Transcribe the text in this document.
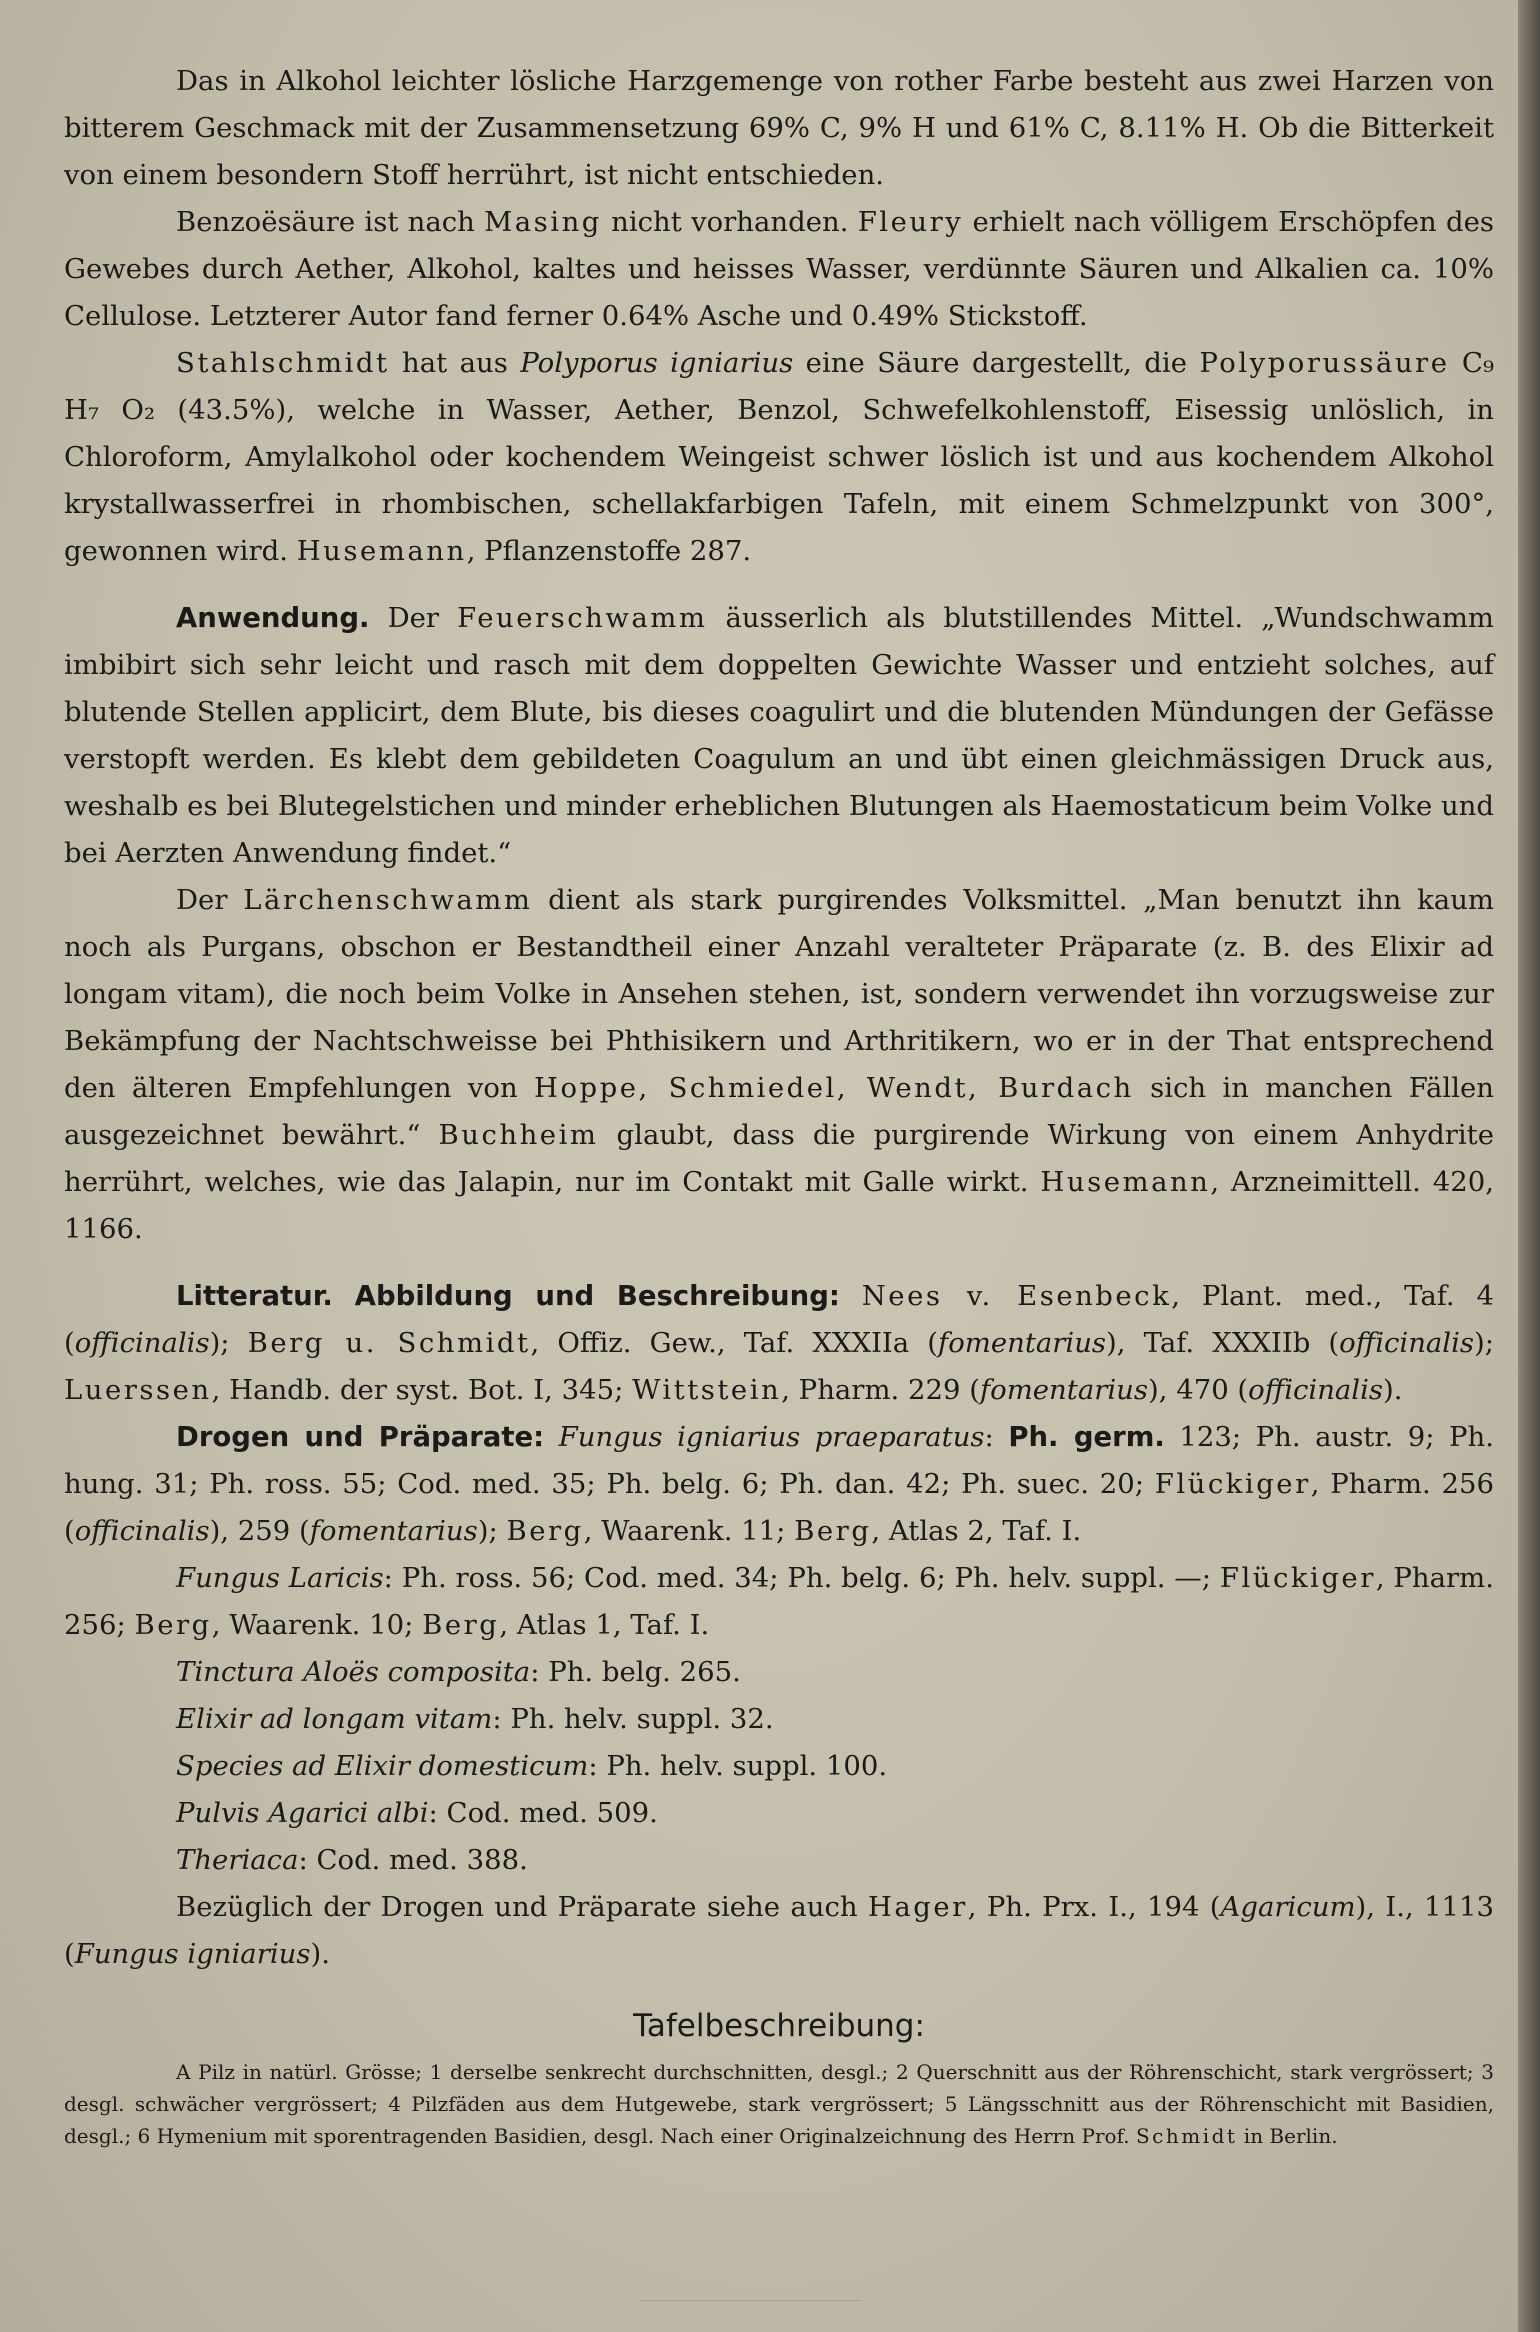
Das in Alkohol leichter lösliche Harzgemenge von rother Farbe besteht aus zwei Harzen von bitterem Geschmack mit der Zusammensetzung 69% C, 9% H und 61% C, 8.11% H. Ob die Bitterkeit von einem besondern Stoff herrührt, ist nicht entschieden.

Benzoësäure ist nach Masing nicht vorhanden. Fleury erhielt nach völligem Erschöpfen des Gewebes durch Aether, Alkohol, kaltes und heisses Wasser, verdünnte Säuren und Alkalien ca. 10% Cellulose. Letzterer Autor fand ferner 0.64% Asche und 0.49% Stickstoff.

Stahlschmidt hat aus Polyporus igniarius eine Säure dargestellt, die Polyporussäure C₉ H₇ O₂ (43.5%), welche in Wasser, Aether, Benzol, Schwefelkohlenstoff, Eisessig unlöslich, in Chloroform, Amylalkohol oder kochendem Weingeist schwer löslich ist und aus kochendem Alkohol krystallwasserfrei in rhombischen, schellakfarbigen Tafeln, mit einem Schmelzpunkt von 300°, gewonnen wird. Husemann, Pflanzenstoffe 287.

Anwendung. Der Feuerschwamm äusserlich als blutstillendes Mittel. „Wundschwamm imbibirt sich sehr leicht und rasch mit dem doppelten Gewichte Wasser und entzieht solches, auf blutende Stellen applicirt, dem Blute, bis dieses coagulirt und die blutenden Mündungen der Gefässe verstopft werden. Es klebt dem gebildeten Coagulum an und übt einen gleichmässigen Druck aus, weshalb es bei Blutegelstichen und minder erheblichen Blutungen als Haemostaticum beim Volke und bei Aerzten Anwendung findet.“

Der Lärchenschwamm dient als stark purgirendes Volksmittel. „Man benutzt ihn kaum noch als Purgans, obschon er Bestandtheil einer Anzahl veralteter Präparate (z. B. des Elixir ad longam vitam), die noch beim Volke in Ansehen stehen, ist, sondern verwendet ihn vorzugsweise zur Bekämpfung der Nachtschweisse bei Phthisikern und Arthritikern, wo er in der That entsprechend den älteren Empfehlungen von Hoppe, Schmiedel, Wendt, Burdach sich in manchen Fällen ausgezeichnet bewährt.“ Buchheim glaubt, dass die purgirende Wirkung von einem Anhydrite herrührt, welches, wie das Jalapin, nur im Contakt mit Galle wirkt. Husemann, Arzneimittell. 420, 1166.

Litteratur. Abbildung und Beschreibung: Nees v. Esenbeck, Plant. med., Taf. 4 (officinalis); Berg u. Schmidt, Offiz. Gew., Taf. XXXIIa (fomentarius), Taf. XXXIIb (officinalis); Luerssen, Handb. der syst. Bot. I, 345; Wittstein, Pharm. 229 (fomentarius), 470 (officinalis).

Drogen und Präparate: Fungus igniarius praeparatus: Ph. germ. 123; Ph. austr. 9; Ph. hung. 31; Ph. ross. 55; Cod. med. 35; Ph. belg. 6; Ph. dan. 42; Ph. suec. 20; Flückiger, Pharm. 256 (officinalis), 259 (fomentarius); Berg, Waarenk. 11; Berg, Atlas 2, Taf. I.

Fungus Laricis: Ph. ross. 56; Cod. med. 34; Ph. belg. 6; Ph. helv. suppl. —; Flückiger, Pharm. 256; Berg, Waarenk. 10; Berg, Atlas 1, Taf. I.

Tinctura Aloës composita: Ph. belg. 265.

Elixir ad longam vitam: Ph. helv. suppl. 32.

Species ad Elixir domesticum: Ph. helv. suppl. 100.

Pulvis Agarici albi: Cod. med. 509.

Theriaca: Cod. med. 388.

Bezüglich der Drogen und Präparate siehe auch Hager, Ph. Prx. I., 194 (Agaricum), I., 1113 (Fungus igniarius).

Tafelbeschreibung:

A Pilz in natürl. Grösse; 1 derselbe senkrecht durchschnitten, desgl.; 2 Querschnitt aus der Röhrenschicht, stark vergrössert; 3 desgl. schwächer vergrössert; 4 Pilzfäden aus dem Hutgewebe, stark vergrössert; 5 Längsschnitt aus der Röhrenschicht mit Basidien, desgl.; 6 Hymenium mit sporentragenden Basidien, desgl. Nach einer Originalzeichnung des Herrn Prof. Schmidt in Berlin.
